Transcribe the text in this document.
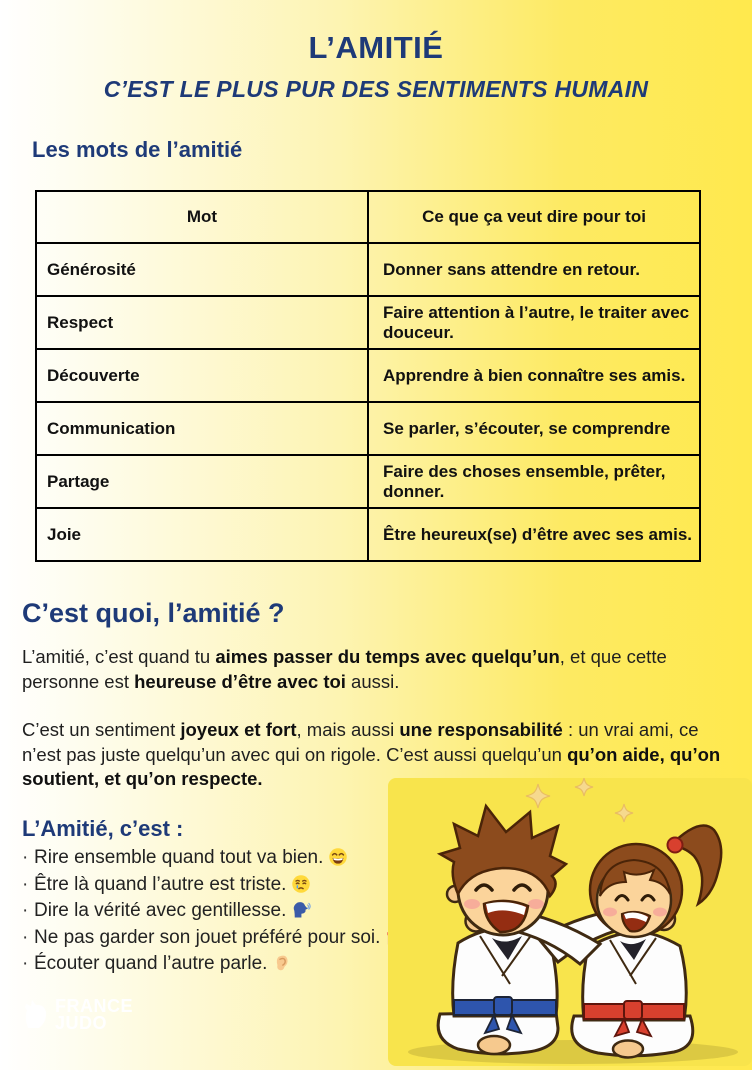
L’AMITIÉ
C’EST LE PLUS PUR DES SENTIMENTS HUMAIN
Les mots de l’amitié
Mot	Ce que ça veut dire pour toi
Générosité	Donner sans attendre en retour.
Respect	Faire attention à l’autre, le traiter avec douceur.
Découverte	Apprendre à bien connaître ses amis.
Communication	Se parler, s’écouter, se comprendre
Partage	Faire des choses ensemble, prêter, donner.
Joie	Être heureux(se) d’être avec ses amis.
C’est quoi, l’amitié ?

L’amitié, c’est quand tu aimes passer du temps avec quelqu’un, et que cette personne est heureuse d’être avec toi aussi.

C’est un sentiment joyeux et fort, mais aussi une responsabilité : un vrai ami, ce n’est pas juste quelqu’un avec qui on rigole. C’est aussi quelqu’un qu’on aide, qu’on soutient, et qu’on respecte.

L’Amitié, c’est :
· Rire ensemble quand tout va bien.
· Être là quand l’autre est triste.
· Dire la vérité avec gentillesse.
· Ne pas garder son jouet préféré pour soi.
· Écouter quand l’autre parle.
FRANCE
JUDO
